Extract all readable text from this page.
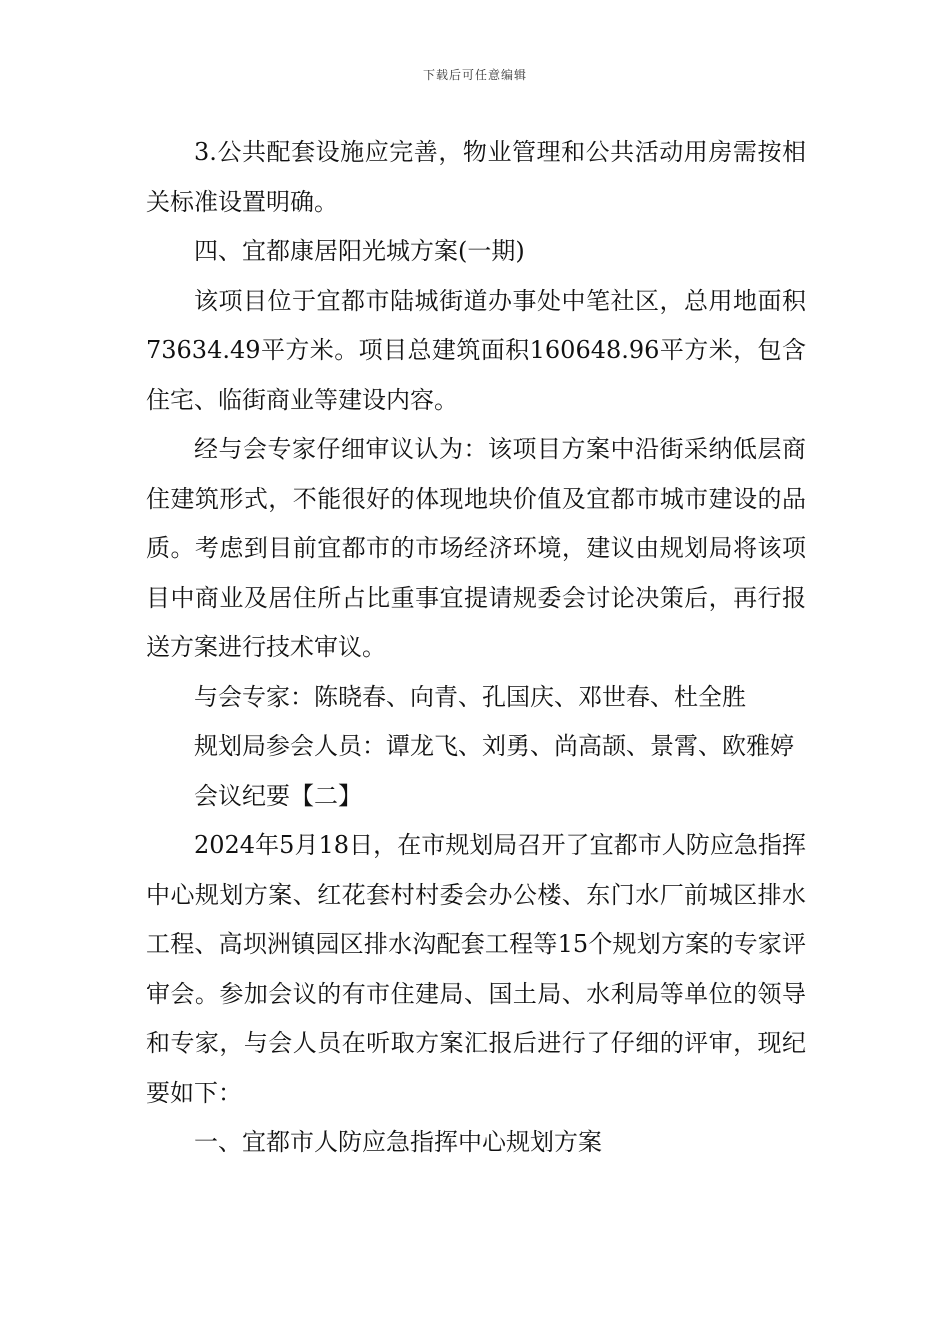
下载后可任意编辑

3.公共配套设施应完善，物业管理和公共活动用房需按相关标准设置明确。

四、宜都康居阳光城方案(一期)

该项目位于宜都市陆城街道办事处中笔社区，总用地面积73634.49平方米。项目总建筑面积160648.96平方米，包含住宅、临街商业等建设内容。

经与会专家仔细审议认为：该项目方案中沿街采纳低层商住建筑形式，不能很好的体现地块价值及宜都市城市建设的品质。考虑到目前宜都市的市场经济环境，建议由规划局将该项目中商业及居住所占比重事宜提请规委会讨论决策后，再行报送方案进行技术审议。

与会专家：陈晓春、向青、孔国庆、邓世春、杜全胜

规划局参会人员：谭龙飞、刘勇、尚高颉、景霄、欧雅婷

会议纪要【二】

2024年5月18日，在市规划局召开了宜都市人防应急指挥中心规划方案、红花套村村委会办公楼、东门水厂前城区排水工程、高坝洲镇园区排水沟配套工程等15个规划方案的专家评审会。参加会议的有市住建局、国土局、水利局等单位的领导和专家，与会人员在听取方案汇报后进行了仔细的评审，现纪要如下：

一、宜都市人防应急指挥中心规划方案
